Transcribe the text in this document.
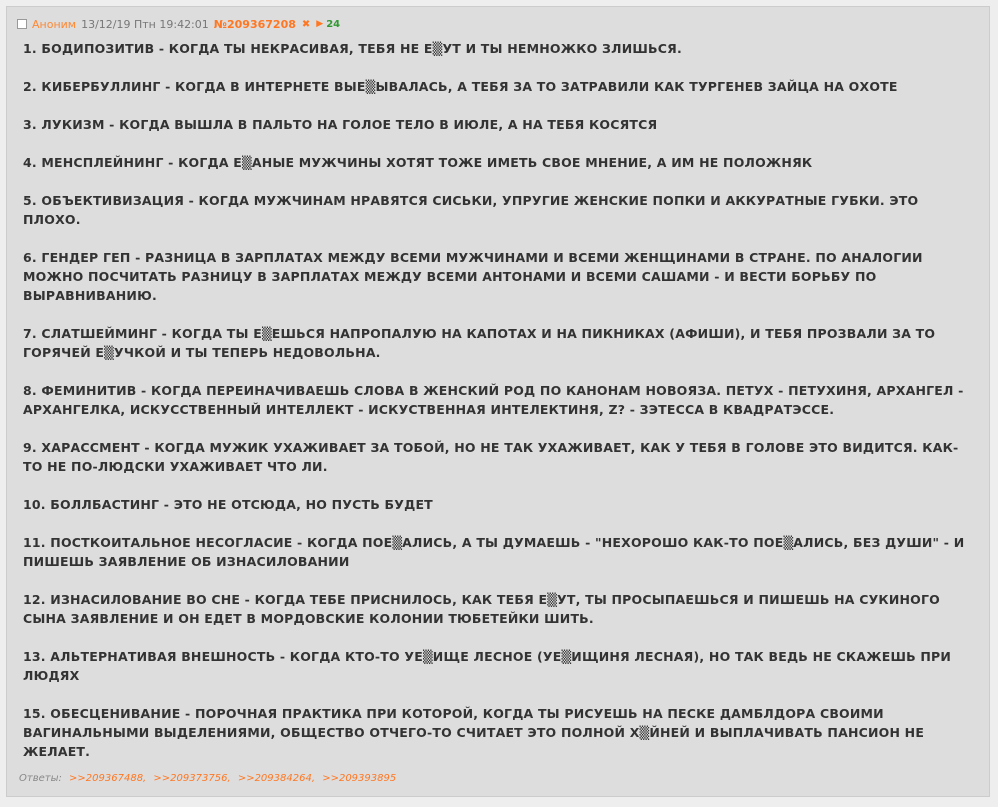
Аноним 13/12/19 Птн 19:42:01 №209367208 ✖ ▶ 24

1. БОДИПОЗИТИВ - КОГДА ТЫ НЕКРАСИВАЯ, ТЕБЯ НЕ Е▒УТ И ТЫ НЕМНОЖКО ЗЛИШЬСЯ.

2. КИБЕРБУЛЛИНГ - КОГДА В ИНТЕРНЕТЕ ВЫЕ▒ЫВАЛАСЬ, А ТЕБЯ ЗА ТО ЗАТРАВИЛИ КАК ТУРГЕНЕВ ЗАЙЦА НА ОХОТЕ

3. ЛУКИЗМ - КОГДА ВЫШЛА В ПАЛЬТО НА ГОЛОЕ ТЕЛО В ИЮЛЕ, А НА ТЕБЯ КОСЯТСЯ

4. МЕНСПЛЕЙНИНГ - КОГДА Е▒АНЫЕ МУЖЧИНЫ ХОТЯТ ТОЖЕ ИМЕТЬ СВОЕ МНЕНИЕ, А ИМ НЕ ПОЛОЖНЯК

5. ОБЪЕКТИВИЗАЦИЯ - КОГДА МУЖЧИНАМ НРАВЯТСЯ СИСЬКИ, УПРУГИЕ ЖЕНСКИЕ ПОПКИ И АККУРАТНЫЕ ГУБКИ. ЭТО ПЛОХО.

6. ГЕНДЕР ГЕП - РАЗНИЦА В ЗАРПЛАТАХ МЕЖДУ ВСЕМИ МУЖЧИНАМИ И ВСЕМИ ЖЕНЩИНАМИ В СТРАНЕ. ПО АНАЛОГИИ МОЖНО ПОСЧИТАТЬ РАЗНИЦУ В ЗАРПЛАТАХ МЕЖДУ ВСЕМИ АНТОНАМИ И ВСЕМИ САШАМИ - И ВЕСТИ БОРЬБУ ПО ВЫРАВНИВАНИЮ.

7. СЛАТШЕЙМИНГ - КОГДА ТЫ Е▒ЕШЬСЯ НАПРОПАЛУЮ НА КАПОТАХ И НА ПИКНИКАХ (АФИШИ), И ТЕБЯ ПРОЗВАЛИ ЗА ТО ГОРЯЧЕЙ Е▒УЧКОЙ И ТЫ ТЕПЕРЬ НЕДОВОЛЬНА.

8. ФЕМИНИТИВ - КОГДА ПЕРЕИНАЧИВАЕШЬ СЛОВА В ЖЕНСКИЙ РОД ПО КАНОНАМ НОВОЯЗА. ПЕТУХ - ПЕТУХИНЯ, АРХАНГЕЛ - АРХАНГЕЛКА, ИСКУССТВЕННЫЙ ИНТЕЛЛЕКТ - ИСКУСТВЕННАЯ ИНТЕЛЕКТИНЯ, Z? - ЗЭТЕССА В КВАДРАТЭССЕ.

9. ХАРАССМЕНТ - КОГДА МУЖИК УХАЖИВАЕТ ЗА ТОБОЙ, НО НЕ ТАК УХАЖИВАЕТ, КАК У ТЕБЯ В ГОЛОВЕ ЭТО ВИДИТСЯ. КАК-ТО НЕ ПО-ЛЮДСКИ УХАЖИВАЕТ ЧТО ЛИ.

10. БОЛЛБАСТИНГ - ЭТО НЕ ОТСЮДА, НО ПУСТЬ БУДЕТ

11. ПОСТКОИТАЛЬНОЕ НЕСОГЛАСИЕ - КОГДА ПОЕ▒АЛИСЬ, А ТЫ ДУМАЕШЬ - "НЕХОРОШО КАК-ТО ПОЕ▒АЛИСЬ, БЕЗ ДУШИ" - И ПИШЕШЬ ЗАЯВЛЕНИЕ ОБ ИЗНАСИЛОВАНИИ

12. ИЗНАСИЛОВАНИЕ ВО СНЕ - КОГДА ТЕБЕ ПРИСНИЛОСЬ, КАК ТЕБЯ Е▒УТ, ТЫ ПРОСЫПАЕШЬСЯ И ПИШЕШЬ НА СУКИНОГО СЫНА ЗАЯВЛЕНИЕ И ОН ЕДЕТ В МОРДОВСКИЕ КОЛОНИИ ТЮБЕТЕЙКИ ШИТЬ.

13. АЛЬТЕРНАТИВАЯ ВНЕШНОСТЬ - КОГДА КТО-ТО УЕ▒ИЩЕ ЛЕСНОЕ (УЕ▒ИЩИНЯ ЛЕСНАЯ), НО ТАК ВЕДЬ НЕ СКАЖЕШЬ ПРИ ЛЮДЯХ

15. ОБЕСЦЕНИВАНИЕ - ПОРОЧНАЯ ПРАКТИКА ПРИ КОТОРОЙ, КОГДА ТЫ РИСУЕШЬ НА ПЕСКЕ ДАМБЛДОРА СВОИМИ ВАГИНАЛЬНЫМИ ВЫДЕЛЕНИЯМИ, ОБЩЕСТВО ОТЧЕГО-ТО СЧИТАЕТ ЭТО ПОЛНОЙ Х▒ЙНЕЙ И ВЫПЛАЧИВАТЬ ПАНСИОН НЕ ЖЕЛАЕТ.

Ответы: >>209367488, >>209373756, >>209384264, >>209393895
